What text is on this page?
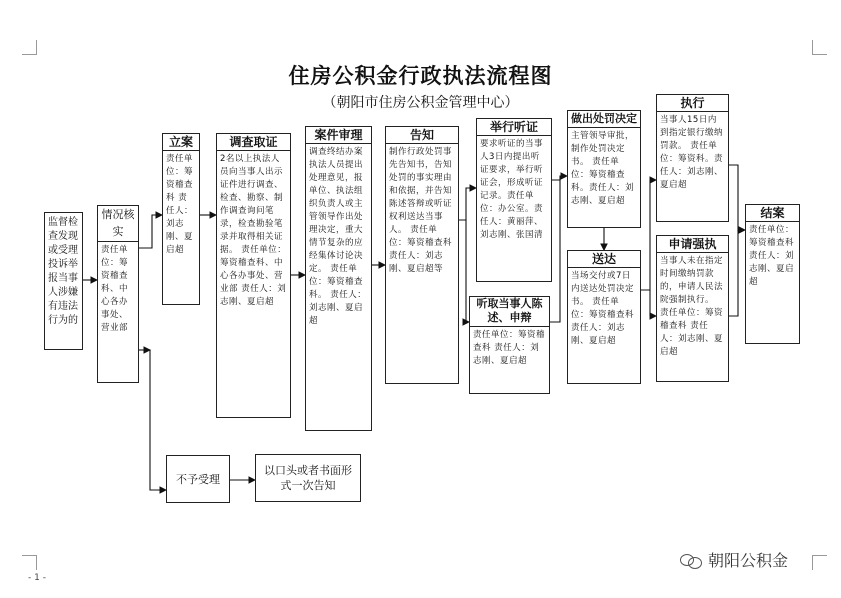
住房公积金行政执法流程图
（朝阳市住房公积金管理中心）
监督检查发现或受理投诉举报当事人涉嫌有违法行为的
情况核实
责任单位：筹资稽查科、中心各办事处、营业部
立案
责任单位：筹资稽查科 责任人：刘志刚、夏启超
调查取证
2名以上执法人员向当事人出示证件进行调查、检查、勘察、制作调查询问笔录，检查勘验笔录并取得相关证据。 责任单位：筹资稽查科、中心各办事处、营业部 责任人：刘志刚、夏启超
案件审理
调查终结办案执法人员提出处理意见，报单位、执法组织负责人或主管领导作出处理决定，重大情节复杂的应经集体讨论决定。 责任单位：筹资稽查科。 责任人：刘志刚、夏启超
告知
制作行政处罚事先告知书，告知处罚的事实理由和依据，并告知陈述答辩或听证权利送达当事人。 责任单位：筹资稽查科 责任人：刘志刚、夏启超等
举行听证
要求听证的当事人3日内提出听证要求，举行听证会，形成听证记录。责任单位：办公室。责任人：黄丽萍、刘志刚、张国清
听取当事人陈述、申辩
责任单位：筹资稽查科 责任人：刘志刚、夏启超
做出处罚决定
主管领导审批，制作处罚决定书。 责任单位：筹资稽查科。责任人：刘志刚、夏启超
送达
当场交付或7日内送达处罚决定书。 责任单位：筹资稽查科 责任人：刘志刚、夏启超
执行
当事人15日内到指定银行缴纳罚款。 责任单位：筹资科。责任人：刘志刚、夏启超
申请强执
当事人未在指定时间缴纳罚款的，申请人民法院强制执行。 责任单位：筹资稽查科 责任人：刘志刚、夏启超
结案
责任单位：筹资稽查科 责任人：刘志刚、夏启超
不予受理
以口头或者书面形式一次告知
- 1 -
朝阳公积金
